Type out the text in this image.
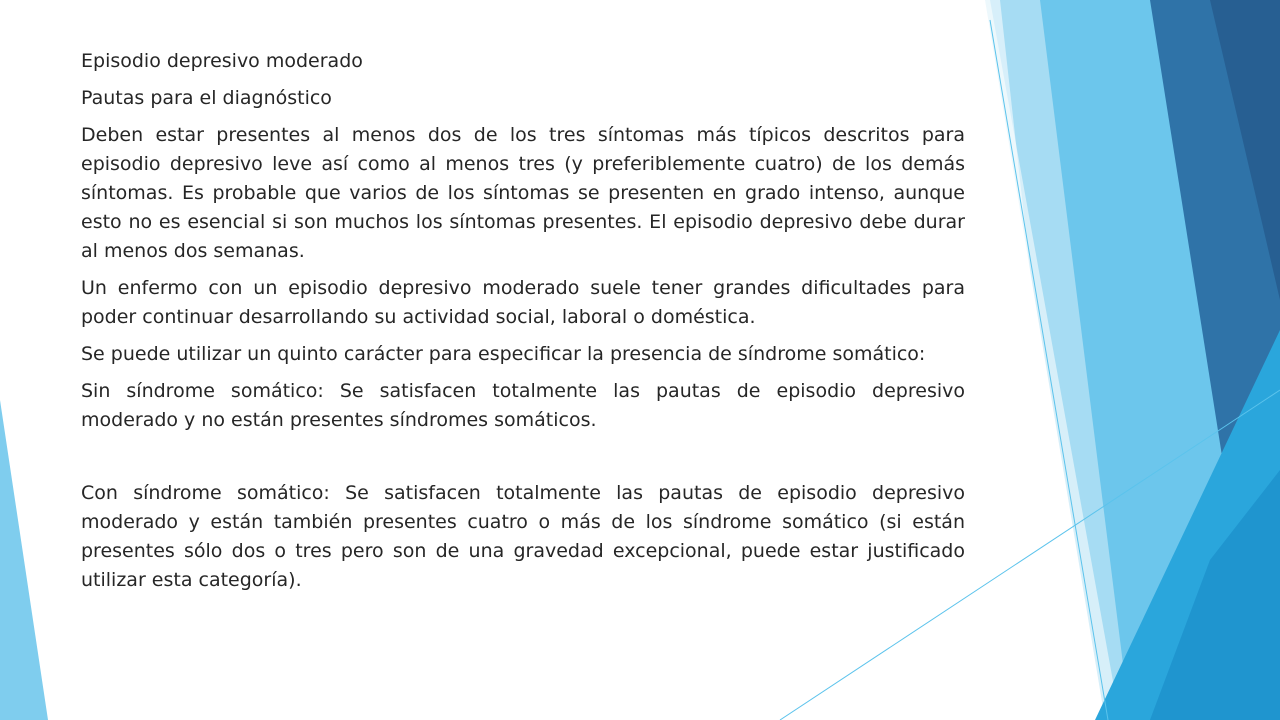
Episodio depresivo moderado

Pautas para el diagnóstico

Deben estar presentes al menos dos de los tres síntomas más típicos descritos para episodio depresivo leve así como al menos tres (y preferiblemente cuatro) de los demás síntomas. Es probable que varios de los síntomas se presenten en grado intenso, aunque esto no es esencial si son muchos los síntomas presentes. El episodio depresivo debe durar al menos dos semanas.

Un enfermo con un episodio depresivo moderado suele tener grandes dificultades para poder continuar desarrollando su actividad social, laboral o doméstica.

Se puede utilizar un quinto carácter para especificar la presencia de síndrome somático:

Sin síndrome somático: Se satisfacen totalmente las pautas de episodio depresivo moderado y no están presentes síndromes somáticos.

Con síndrome somático: Se satisfacen totalmente las pautas de episodio depresivo moderado y están también presentes cuatro o más de los síndrome somático (si están presentes sólo dos o tres pero son de una gravedad excepcional, puede estar justificado utilizar esta categoría).
